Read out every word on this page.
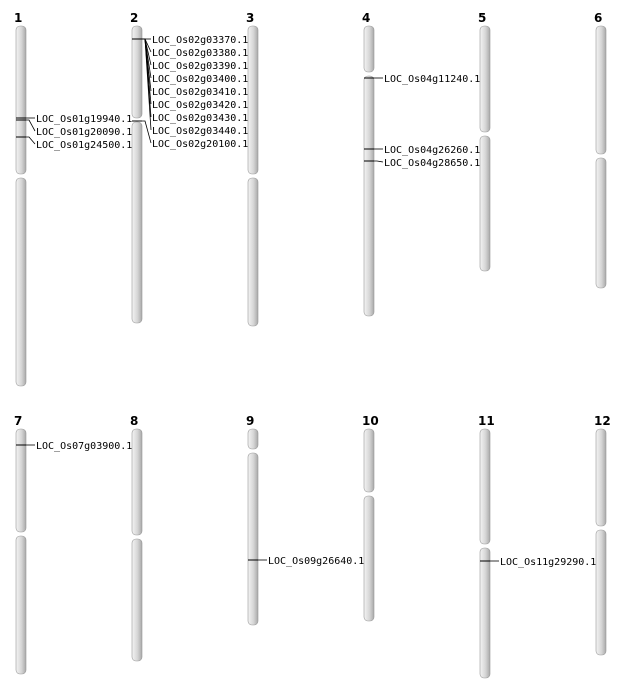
1
LOC_Os01g19940.1
LOC_Os01g20090.1
LOC_Os01g24500.1
2
LOC_Os02g03370.1
LOC_Os02g03380.1
LOC_Os02g03390.1
LOC_Os02g03400.1
LOC_Os02g03410.1
LOC_Os02g03420.1
LOC_Os02g03430.1
LOC_Os02g03440.1
LOC_Os02g20100.1
3	4
LOC_Os04g11240.1
LOC_Os04g26260.1
LOC_Os04g28650.1
5	6
7
LOC_Os07g03900.1
8	9
LOC_Os09g26640.1
10	11
LOC_Os11g29290.1
12
